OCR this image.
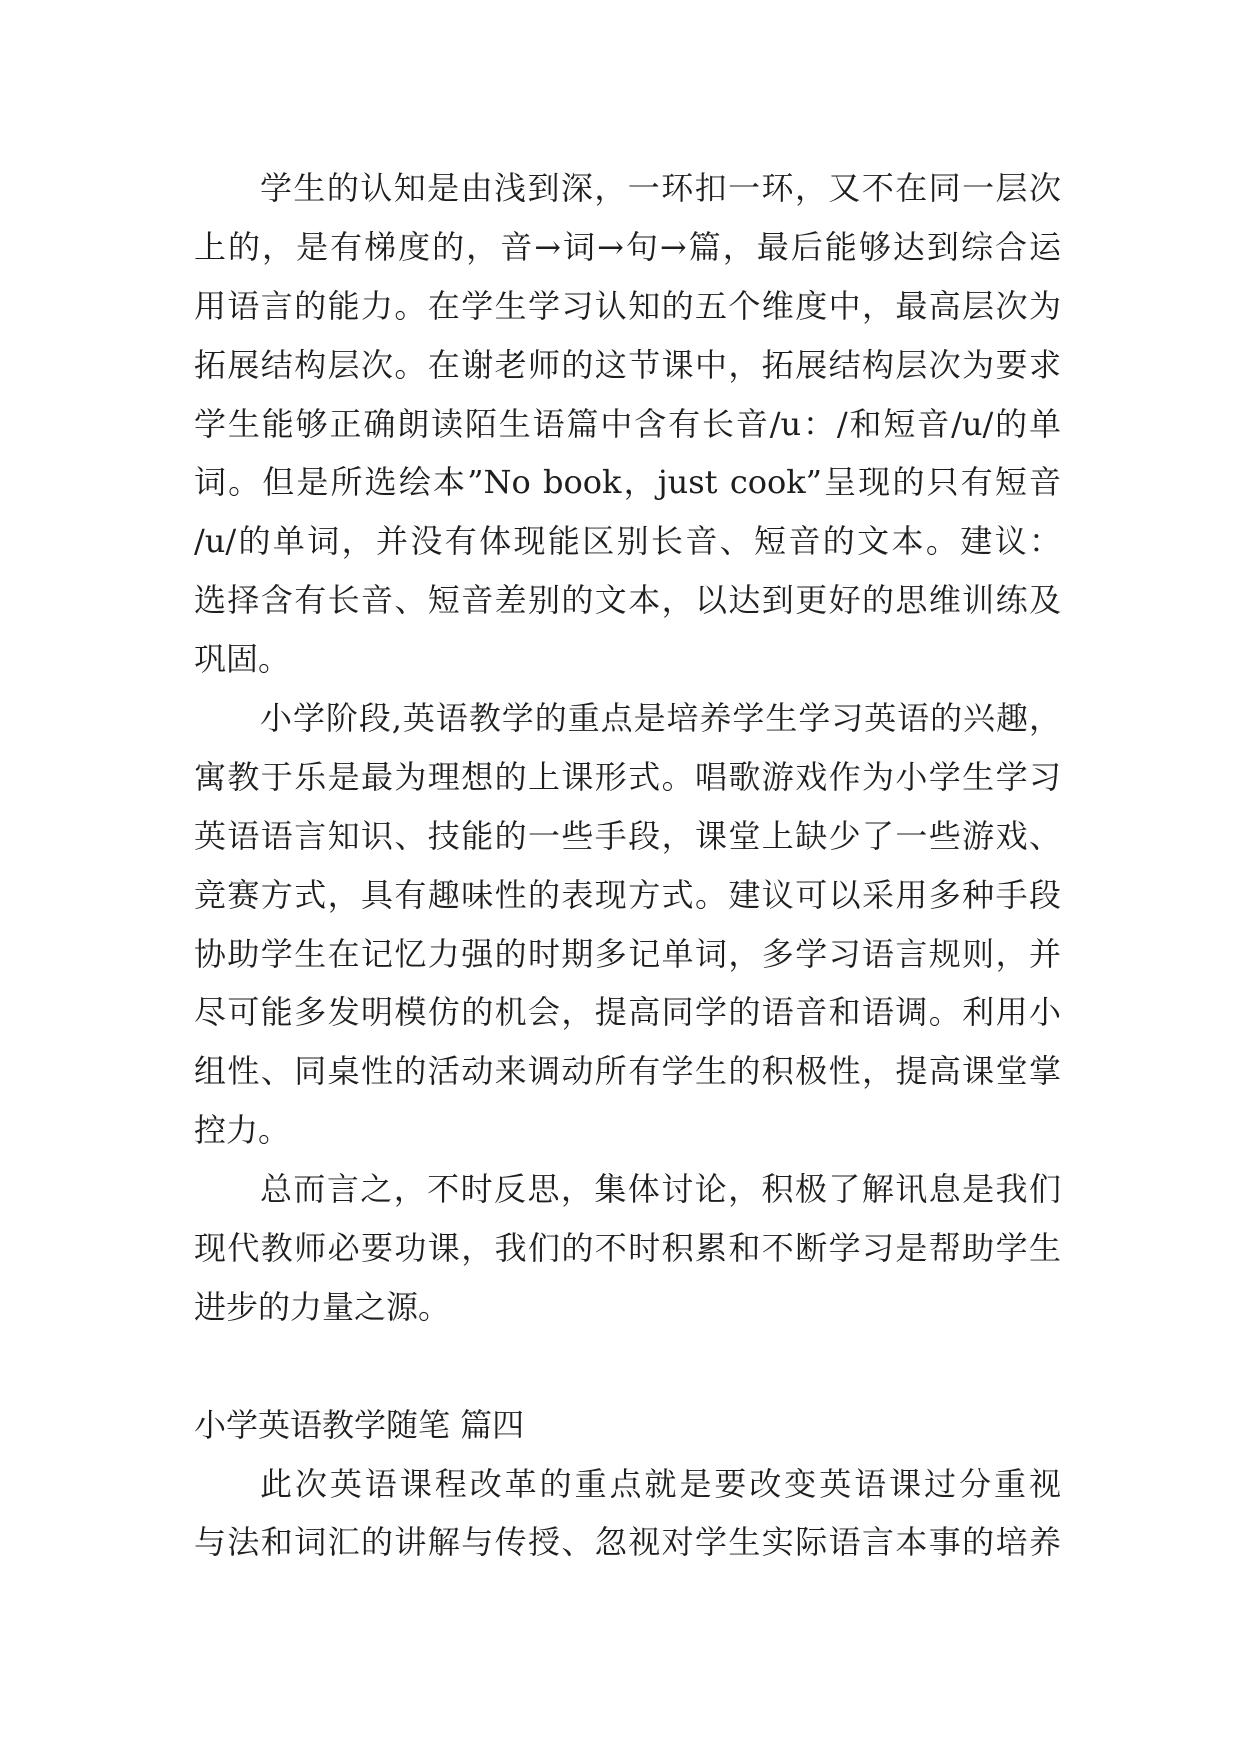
学生的认知是由浅到深，一环扣一环，又不在同一层次
上的，是有梯度的，音→词→句→篇，最后能够达到综合运
用语言的能力。在学生学习认知的五个维度中，最高层次为
拓展结构层次。在谢老师的这节课中，拓展结构层次为要求
学生能够正确朗读陌生语篇中含有长音/u：/和短音/u/的单
词。但是所选绘本”No book，just cook”呈现的只有短音
/u/的单词，并没有体现能区别长音、短音的文本。建议：
选择含有长音、短音差别的文本，以达到更好的思维训练及
巩固。
小学阶段,英语教学的重点是培养学生学习英语的兴趣，
寓教于乐是最为理想的上课形式。唱歌游戏作为小学生学习
英语语言知识、技能的一些手段，课堂上缺少了一些游戏、
竞赛方式，具有趣味性的表现方式。建议可以采用多种手段
协助学生在记忆力强的时期多记单词，多学习语言规则，并
尽可能多发明模仿的机会，提高同学的语音和语调。利用小
组性、同桌性的活动来调动所有学生的积极性，提高课堂掌
控力。
总而言之，不时反思，集体讨论，积极了解讯息是我们
现代教师必要功课，我们的不时积累和不断学习是帮助学生
进步的力量之源。
小学英语教学随笔 篇四
此次英语课程改革的重点就是要改变英语课过分重视
与法和词汇的讲解与传授、忽视对学生实际语言本事的培养
